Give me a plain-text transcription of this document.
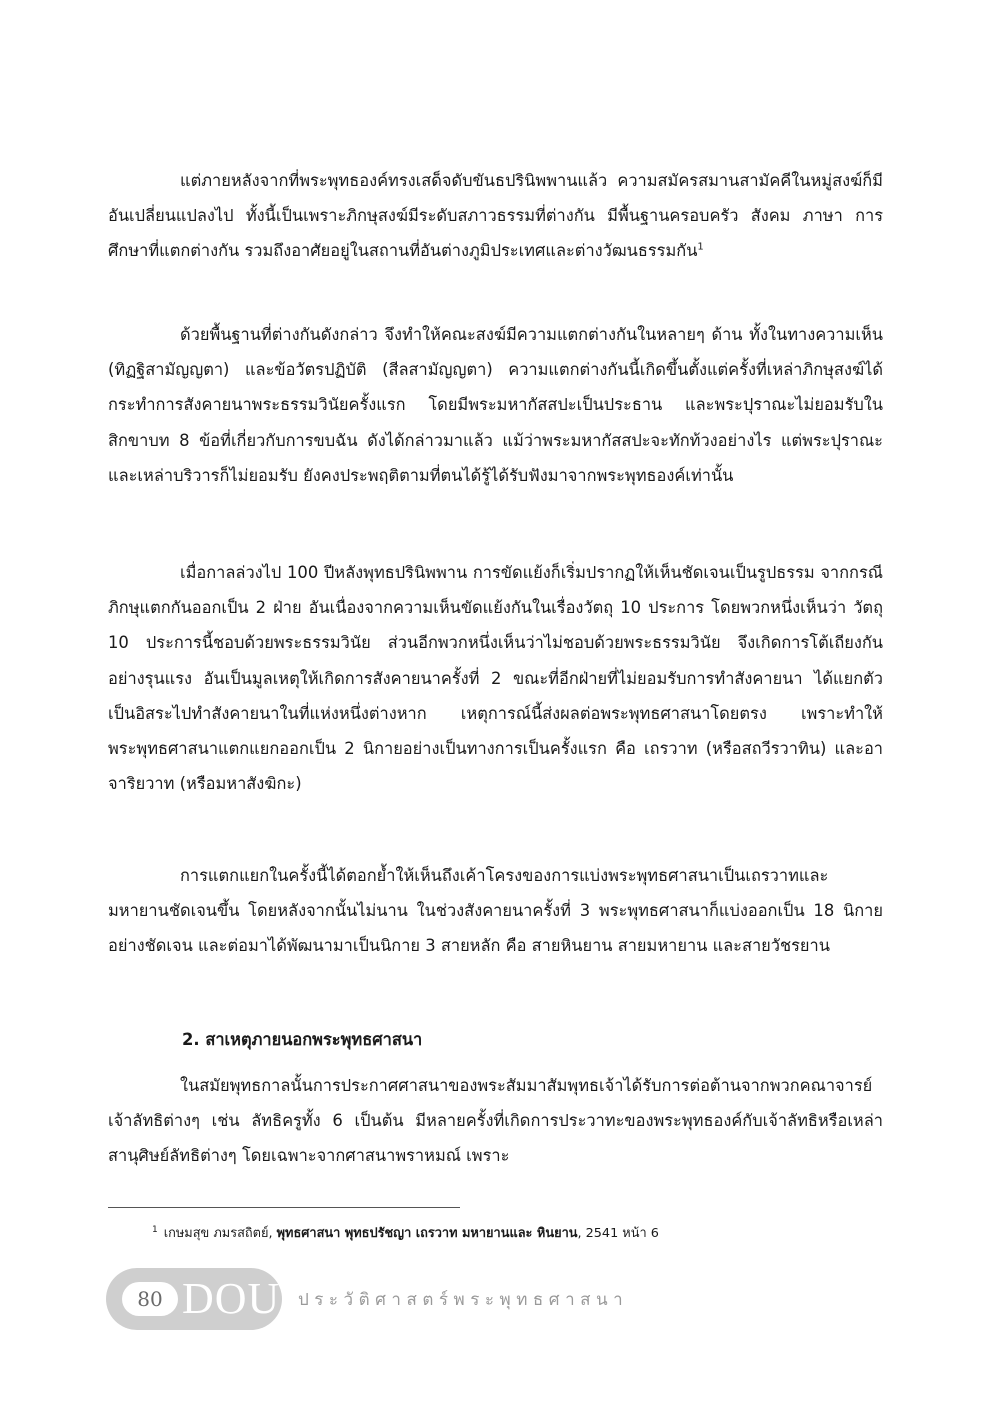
แต่ภายหลังจากที่พระพุทธองค์ทรงเสด็จดับขันธปรินิพพานแล้ว ความสมัครสมานสามัคคีในหมู่สงฆ์ก็มีอันเปลี่ยนแปลงไป ทั้งนี้เป็นเพราะภิกษุสงฆ์มีระดับสภาวธรรมที่ต่างกัน มีพื้นฐานครอบครัว สังคม ภาษา การศึกษาที่แตกต่างกัน รวมถึงอาศัยอยู่ในสถานที่อันต่างภูมิประเทศและต่างวัฒนธรรมกัน$^1$

ด้วยพื้นฐานที่ต่างกันดังกล่าว จึงทำให้คณะสงฆ์มีความแตกต่างกันในหลายๆ ด้าน ทั้งในทางความเห็น (ทิฏฐิสามัญญตา) และข้อวัตรปฏิบัติ (สีลสามัญญตา) ความแตกต่างกันนี้เกิดขึ้นตั้งแต่ครั้งที่เหล่าภิกษุสงฆ์ได้กระทำการสังคายนาพระธรรมวินัยครั้งแรก โดยมีพระมหากัสสปะเป็นประธาน และพระปุราณะไม่ยอมรับในสิกขาบท 8 ข้อที่เกี่ยวกับการขบฉัน ดังได้กล่าวมาแล้ว แม้ว่าพระมหากัสสปะจะทักท้วงอย่างไร แต่พระปุราณะและเหล่าบริวารก็ไม่ยอมรับ ยังคงประพฤติตามที่ตนได้รู้ได้รับฟังมาจากพระพุทธองค์เท่านั้น

เมื่อกาลล่วงไป 100 ปีหลังพุทธปรินิพพาน การขัดแย้งก็เริ่มปรากฏให้เห็นชัดเจนเป็นรูปธรรม จากกรณีภิกษุแตกกันออกเป็น 2 ฝ่าย อันเนื่องจากความเห็นขัดแย้งกันในเรื่องวัตถุ 10 ประการ โดยพวกหนึ่งเห็นว่า วัตถุ 10 ประการนี้ชอบด้วยพระธรรมวินัย ส่วนอีกพวกหนึ่งเห็นว่าไม่ชอบด้วยพระธรรมวินัย จึงเกิดการโต้เถียงกันอย่างรุนแรง อันเป็นมูลเหตุให้เกิดการสังคายนาครั้งที่ 2 ขณะที่อีกฝ่ายที่ไม่ยอมรับการทำสังคายนา ได้แยกตัวเป็นอิสระไปทำสังคายนาในที่แห่งหนึ่งต่างหาก เหตุการณ์นี้ส่งผลต่อพระพุทธศาสนาโดยตรง เพราะทำให้พระพุทธศาสนาแตกแยกออกเป็น 2 นิกายอย่างเป็นทางการเป็นครั้งแรก คือ เถรวาท (หรือสถวีรวาทิน) และอาจาริยวาท (หรือมหาสังฆิกะ)

การแตกแยกในครั้งนี้ได้ตอกย้ำให้เห็นถึงเค้าโครงของการแบ่งพระพุทธศาสนาเป็นเถรวาทและมหายานชัดเจนขึ้น โดยหลังจากนั้นไม่นาน ในช่วงสังคายนาครั้งที่ 3 พระพุทธศาสนาก็แบ่งออกเป็น 18 นิกายอย่างชัดเจน และต่อมาได้พัฒนามาเป็นนิกาย 3 สายหลัก คือ สายหินยาน สายมหายาน และสายวัชรยาน

2. สาเหตุภายนอกพระพุทธศาสนา

ในสมัยพุทธกาลนั้นการประกาศศาสนาของพระสัมมาสัมพุทธเจ้าได้รับการต่อต้านจากพวกคณาจารย์เจ้าลัทธิต่างๆ เช่น ลัทธิครูทั้ง 6 เป็นต้น มีหลายครั้งที่เกิดการประวาทะของพระพุทธองค์กับเจ้าลัทธิหรือเหล่าสานุศิษย์ลัทธิต่างๆ โดยเฉพาะจากศาสนาพราหมณ์ เพราะ

$^1$ เกษมสุข ภมรสถิตย์, พุทธศาสนา พุทธปรัชญา เถรวาท มหายานและ หินยาน, 2541 หน้า 6
80 DOU ประวัติศาสตร์พระพุทธศาสนา
